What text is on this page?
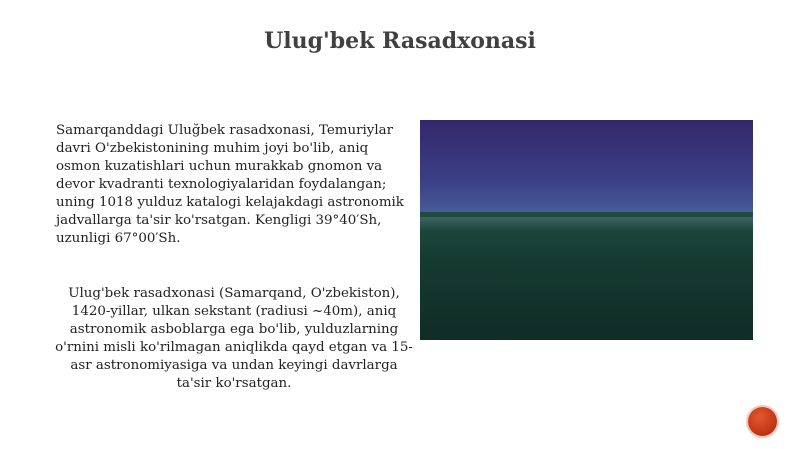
Ulug'bek Rasadxonasi

Samarqanddagi Uluğbek rasadxonasi, Temuriylar davri O'zbekistonining muhim joyi bo'lib, aniq osmon kuzatishlari uchun murakkab gnomon va devor kvadranti texnologiyalaridan foydalangan; uning 1018 yulduz katalogi kelajakdagi astronomik jadvallarga ta'sir ko'rsatgan. Kengligi 39°40′Sh, uzunligi 67°00′Sh.

Ulug'bek rasadxonasi (Samarqand, O'zbekiston), 1420-yillar, ulkan sekstant (radiusi ~40m), aniq astronomik asboblarga ega bo'lib, yulduzlarning o'rnini misli ko'rilmagan aniqlikda qayd etgan va 15-asr astronomiyasiga va undan keyingi davrlarga ta'sir ko'rsatgan.
